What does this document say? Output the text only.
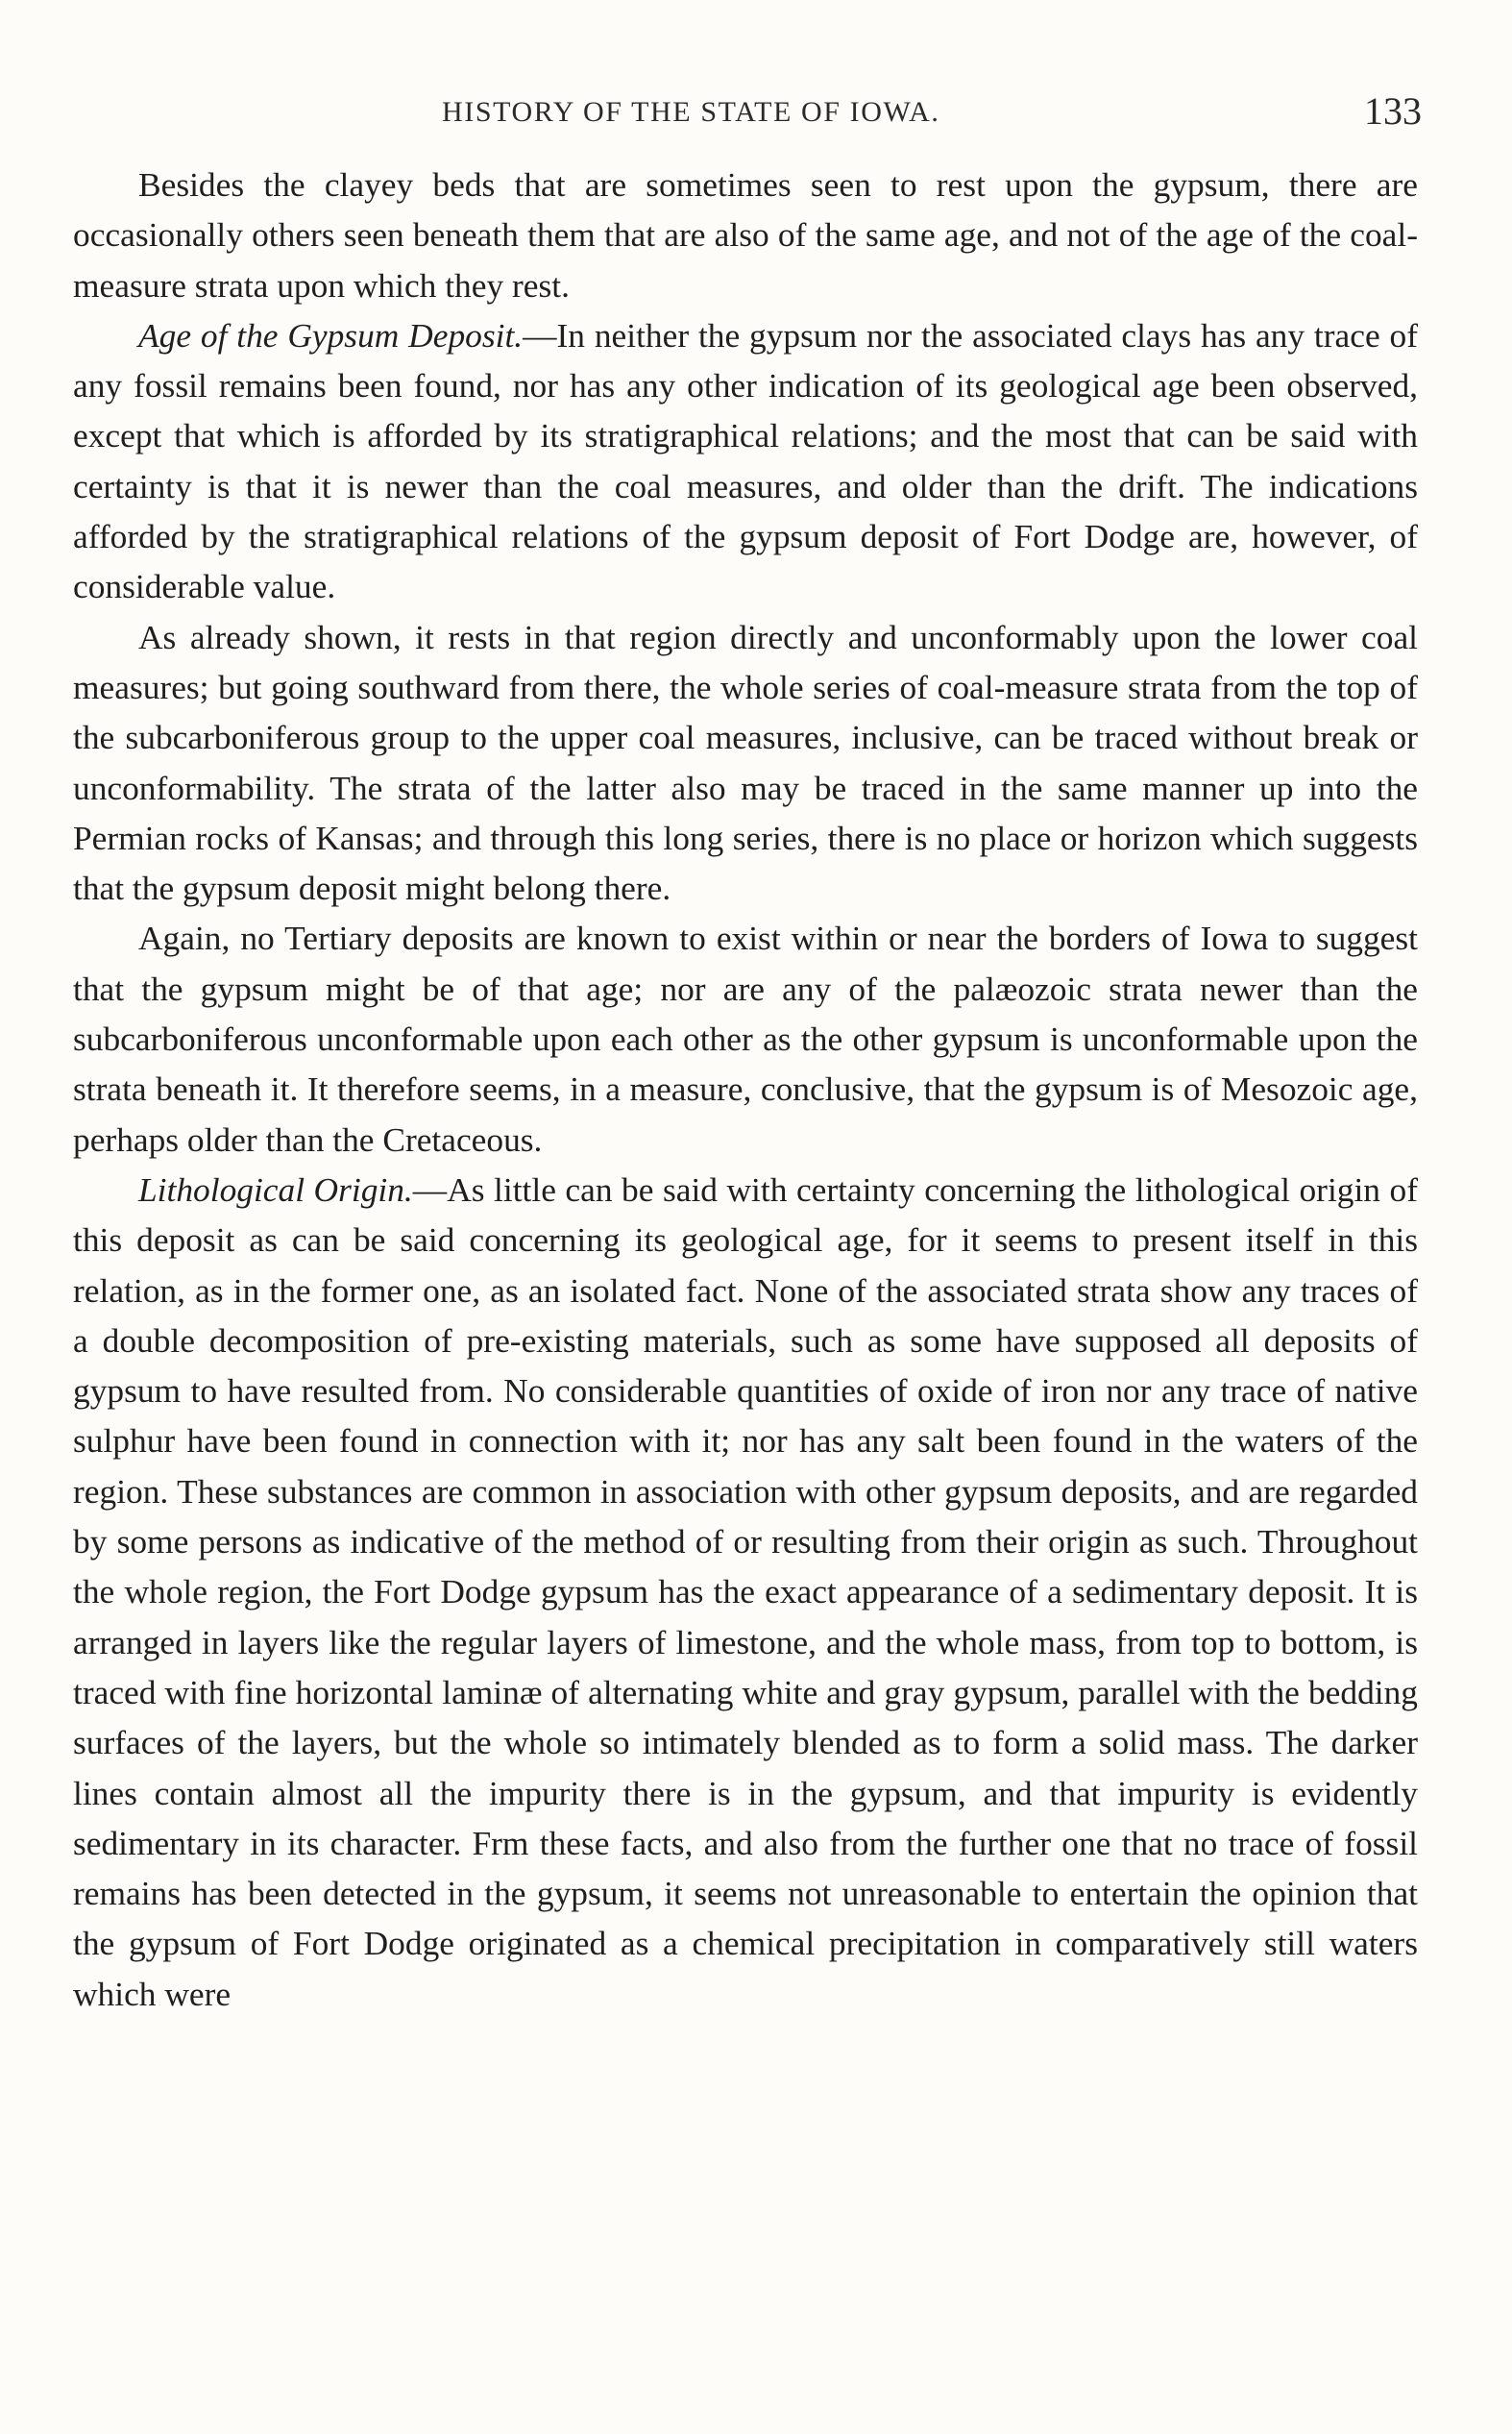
HISTORY OF THE STATE OF IOWA.	133

Besides the clayey beds that are sometimes seen to rest upon the gypsum, there are occasionally others seen beneath them that are also of the same age, and not of the age of the coal-measure strata upon which they rest.

Age of the Gypsum Deposit.—In neither the gypsum nor the associated clays has any trace of any fossil remains been found, nor has any other indication of its geological age been observed, except that which is afforded by its stratigraphical relations; and the most that can be said with certainty is that it is newer than the coal measures, and older than the drift. The indications afforded by the stratigraphical relations of the gypsum deposit of Fort Dodge are, however, of considerable value.

As already shown, it rests in that region directly and unconformably upon the lower coal measures; but going southward from there, the whole series of coal-measure strata from the top of the subcarboniferous group to the upper coal measures, inclusive, can be traced without break or unconformability. The strata of the latter also may be traced in the same manner up into the Permian rocks of Kansas; and through this long series, there is no place or horizon which suggests that the gypsum deposit might belong there.

Again, no Tertiary deposits are known to exist within or near the borders of Iowa to suggest that the gypsum might be of that age; nor are any of the palæozoic strata newer than the subcarboniferous unconformable upon each other as the other gypsum is unconformable upon the strata beneath it. It therefore seems, in a measure, conclusive, that the gypsum is of Mesozoic age, perhaps older than the Cretaceous.

Lithological Origin.—As little can be said with certainty concerning the lithological origin of this deposit as can be said concerning its geological age, for it seems to present itself in this relation, as in the former one, as an isolated fact. None of the associated strata show any traces of a double decomposition of pre-existing materials, such as some have supposed all deposits of gypsum to have resulted from. No considerable quantities of oxide of iron nor any trace of native sulphur have been found in connection with it; nor has any salt been found in the waters of the region. These substances are common in association with other gypsum deposits, and are regarded by some persons as indicative of the method of or resulting from their origin as such. Throughout the whole region, the Fort Dodge gypsum has the exact appearance of a sedimentary deposit. It is arranged in layers like the regular layers of limestone, and the whole mass, from top to bottom, is traced with fine horizontal laminæ of alternating white and gray gypsum, parallel with the bedding surfaces of the layers, but the whole so intimately blended as to form a solid mass. The darker lines contain almost all the impurity there is in the gypsum, and that impurity is evidently sedimentary in its character. Fr​​m these facts, and also from the further one that no trace of fossil remains has been detected in the gypsum, it seems not unreasonable to entertain the opinion that the gypsum of Fort Dodge originated as a chemical precipitation in comparatively still waters which were
